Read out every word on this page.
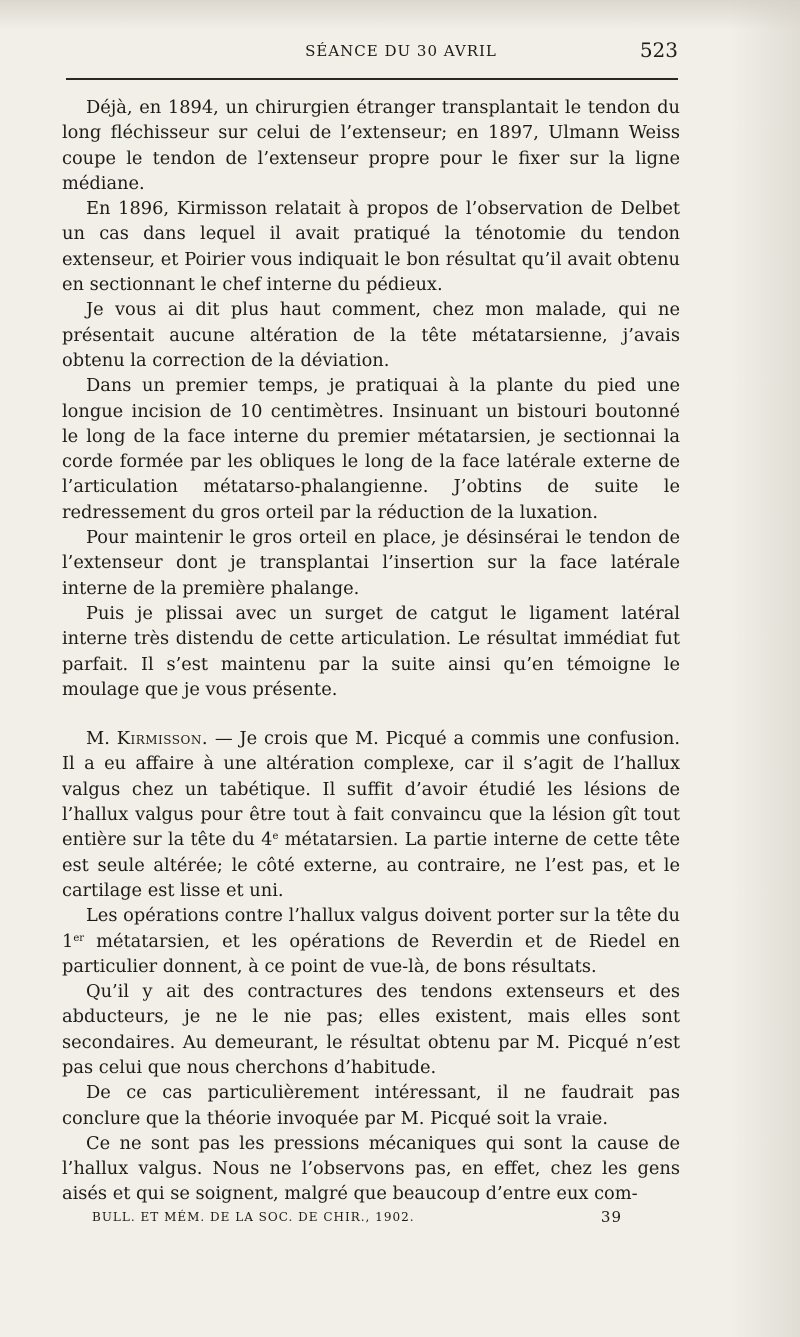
SÉANCE DU 30 AVRIL	523

Déjà, en 1894, un chirurgien étranger transplantait le tendon du long fléchisseur sur celui de l’extenseur; en 1897, Ulmann Weiss coupe le tendon de l’extenseur propre pour le fixer sur la ligne médiane.

En 1896, Kirmisson relatait à propos de l’observation de Delbet un cas dans lequel il avait pratiqué la ténotomie du tendon extenseur, et Poirier vous indiquait le bon résultat qu’il avait obtenu en sectionnant le chef interne du pédieux.

Je vous ai dit plus haut comment, chez mon malade, qui ne présentait aucune altération de la tête métatarsienne, j’avais obtenu la correction de la déviation.

Dans un premier temps, je pratiquai à la plante du pied une longue incision de 10 centimètres. Insinuant un bistouri boutonné le long de la face interne du premier métatarsien, je sectionnai la corde formée par les obliques le long de la face latérale externe de l’articulation métatarso-phalangienne. J’obtins de suite le redressement du gros orteil par la réduction de la luxation.

Pour maintenir le gros orteil en place, je désinsérai le tendon de l’extenseur dont je transplantai l’insertion sur la face latérale interne de la première phalange.

Puis je plissai avec un surget de catgut le ligament latéral interne très distendu de cette articulation. Le résultat immédiat fut parfait. Il s’est maintenu par la suite ainsi qu’en témoigne le moulage que je vous présente.

M. Kirmisson. — Je crois que M. Picqué a commis une confusion. Il a eu affaire à une altération complexe, car il s’agit de l’hallux valgus chez un tabétique. Il suffit d’avoir étudié les lésions de l’hallux valgus pour être tout à fait convaincu que la lésion gît tout entière sur la tête du 4e métatarsien. La partie interne de cette tête est seule altérée; le côté externe, au contraire, ne l’est pas, et le cartilage est lisse et uni.

Les opérations contre l’hallux valgus doivent porter sur la tête du 1er métatarsien, et les opérations de Reverdin et de Riedel en particulier donnent, à ce point de vue-là, de bons résultats.

Qu’il y ait des contractures des tendons extenseurs et des abducteurs, je ne le nie pas; elles existent, mais elles sont secondaires. Au demeurant, le résultat obtenu par M. Picqué n’est pas celui que nous cherchons d’habitude.

De ce cas particulièrement intéressant, il ne faudrait pas conclure que la théorie invoquée par M. Picqué soit la vraie.

Ce ne sont pas les pressions mécaniques qui sont la cause de l’hallux valgus. Nous ne l’observons pas, en effet, chez les gens aisés et qui se soignent, malgré que beaucoup d’entre eux com-

BULL. ET MÉM. DE LA SOC. DE CHIR., 1902.	39
